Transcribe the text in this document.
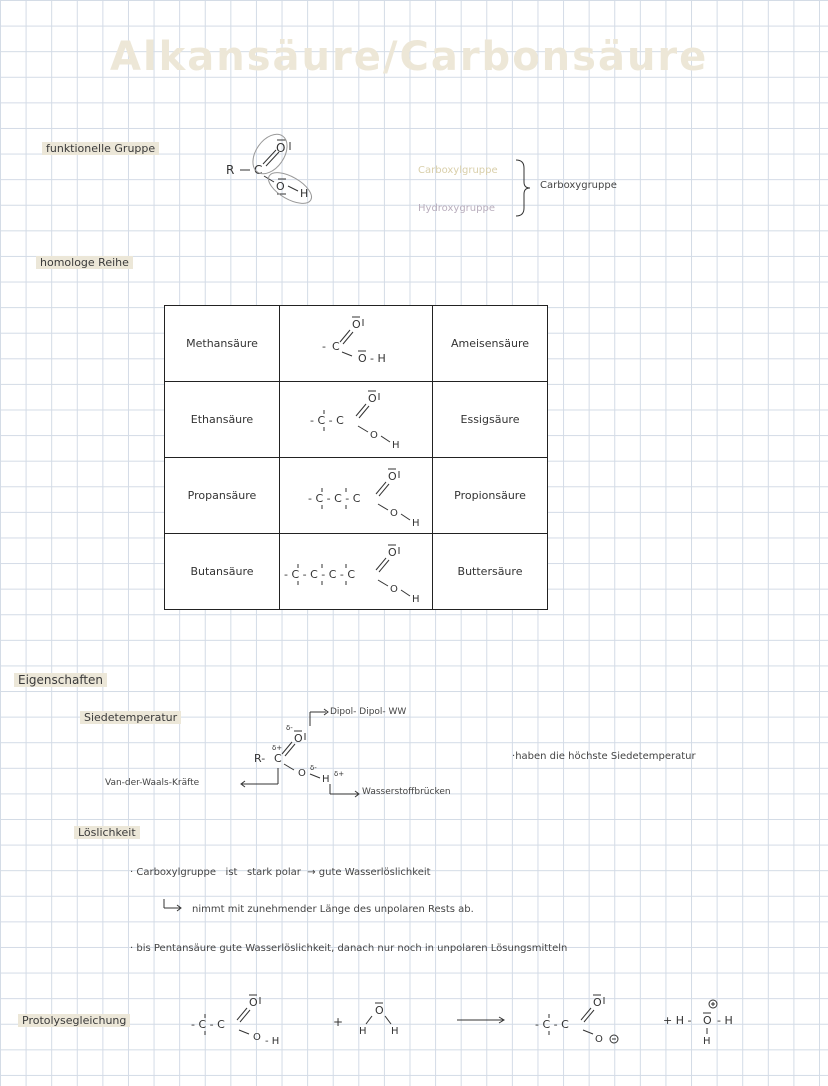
Alkansäure/Carbonsäure
funktionelle Gruppe
R C
O
O
H
Carboxylgruppe
Hydroxygruppe
Carboxygruppe
homologe Reihe
Methansäure	- C
O
O - H	Ameisensäure
Ethansäure	- C - C
O
O
H	Essigsäure
Propansäure	- C - C - C
O
O
H	Propionsäure
Butansäure	- C - C - C - C
O
O
H	Buttersäure
Eigenschaften
Siedetemperatur
R- C
δ+
δ-
O
O δ-
H δ+
Dipol- Dipol- WW
Van-der-Waals-Kräfte
Wasserstoffbrücken
·haben die höchste Siedetemperatur
Löslichkeit
· Carboxylgruppe ist stark polar  → gute Wasserlöslichkeit
nimmt mit zunehmender Länge des unpolaren Rests ab.
· bis Pentansäure gute Wasserlöslichkeit, danach nur noch in unpolaren Lösungsmitteln
Protolysegleichung	- C - C
O
O - H
+
O
H H
- C - C
O
O
+ H - O - H
H
